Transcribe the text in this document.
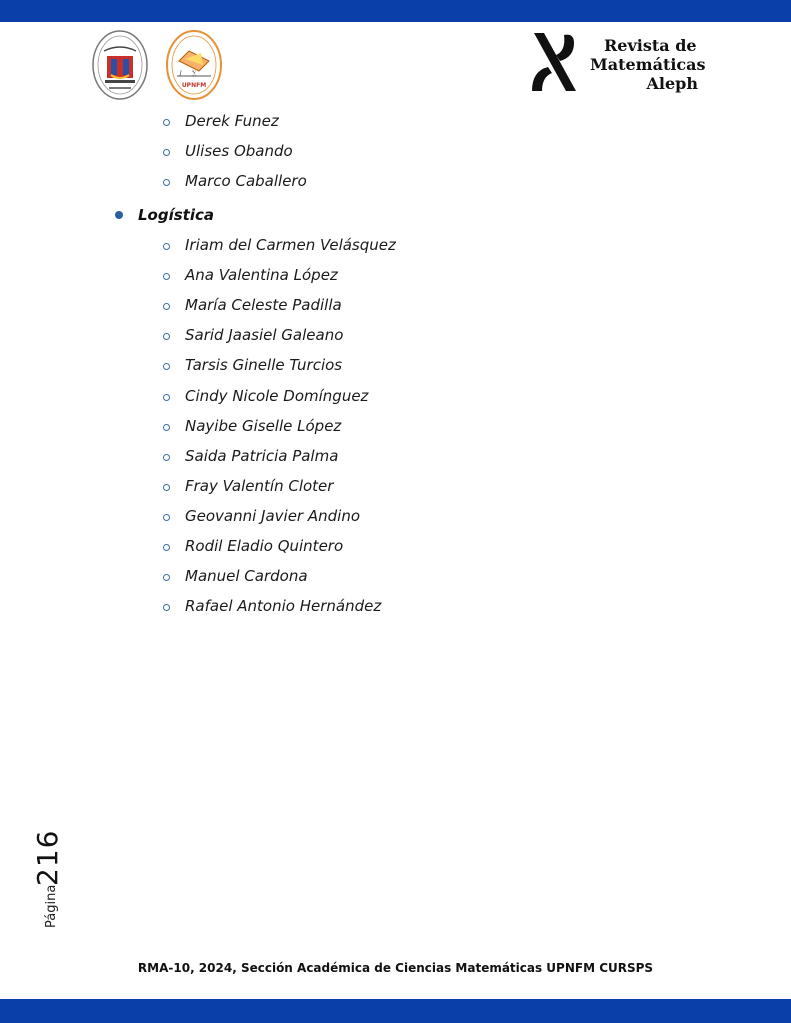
∫ ∑
UPNFM
Revista de
Matemáticas
Aleph
Derek Funez
Ulises Obando
Marco Caballero
Logística
Iriam del Carmen Velásquez
Ana Valentina López
María Celeste Padilla
Sarid Jaasiel Galeano
Tarsis Ginelle Turcios
Cindy Nicole Domínguez
Nayibe Giselle López
Saida Patricia Palma
Fray Valentín Cloter
Geovanni Javier Andino
Rodil Eladio Quintero
Manuel Cardona
Rafael Antonio Hernández
Página
216
RMA-10, 2024, Sección Académica de Ciencias Matemáticas UPNFM CURSPS
